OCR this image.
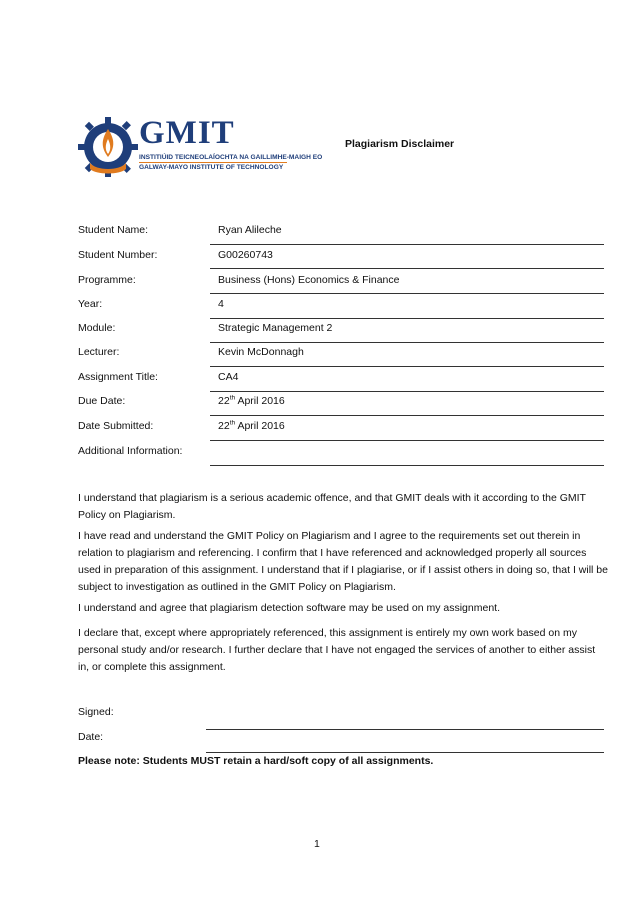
GMIT
INSTITIÚID TEICNEOLAÍOCHTA NA GAILLIMHE-MAIGH EO
GALWAY-MAYO INSTITUTE OF TECHNOLOGY
Plagiarism Disclaimer
Student Name:	Ryan Alileche
Student Number:	G00260743
Programme:	Business (Hons) Economics & Finance
Year:	4
Module:	Strategic Management 2
Lecturer:	Kevin McDonnagh
Assignment Title:	CA4
Due Date:	22th April 2016
Date Submitted:	22th April 2016
Additional Information:
I understand that plagiarism is a serious academic offence, and that GMIT deals with it according to the GMIT Policy on Plagiarism.
I have read and understand the GMIT Policy on Plagiarism and I agree to the requirements set out therein in relation to plagiarism and referencing. I confirm that I have referenced and acknowledged properly all sources used in preparation of this assignment. I understand that if I plagiarise, or if I assist others in doing so, that I will be subject to investigation as outlined in the GMIT Policy on Plagiarism.
I understand and agree that plagiarism detection software may be used on my assignment.
I declare that, except where appropriately referenced, this assignment is entirely my own work based on my personal study and/or research. I further declare that I have not engaged the services of another to either assist in, or complete this assignment.
Signed:
Date:
Please note: Students MUST retain a hard/soft copy of all assignments.
1
